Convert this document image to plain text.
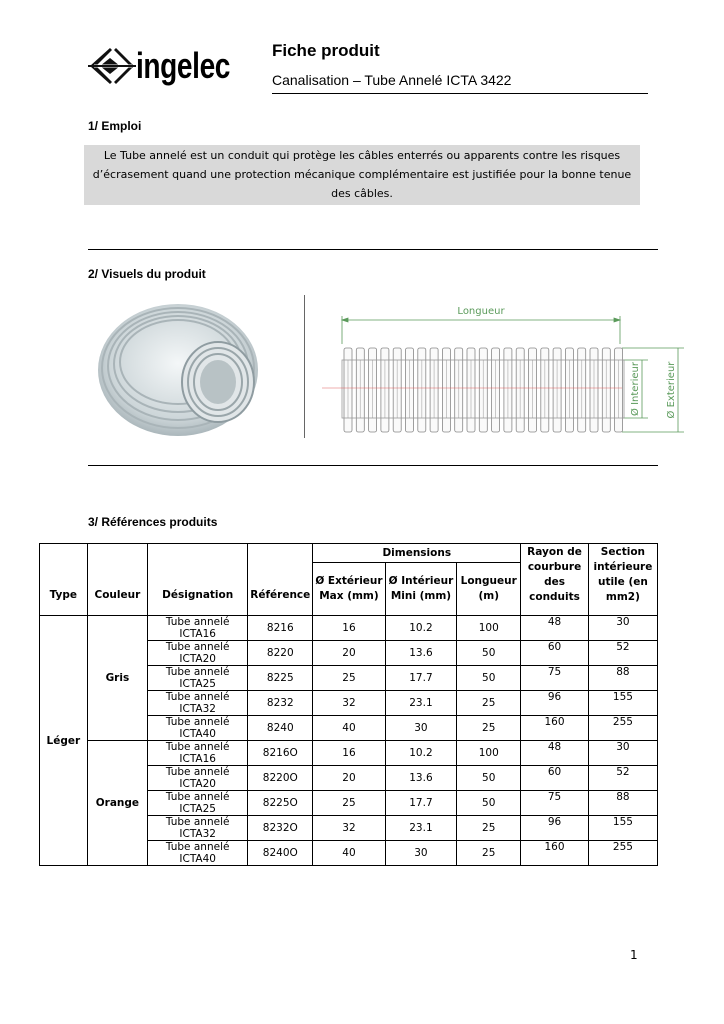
ingelec Fiche produit
Canalisation – Tube Annelé ICTA 3422
1/ Emploi
Le Tube annelé est un conduit qui protège les câbles enterrés ou apparents contre les risques
d’écrasement quand une protection mécanique complémentaire est justifiée pour la bonne tenue
des câbles.
2/ Visuels du produit
Longueur
Ø Interieur	Ø Exterieur
3/ Références produits
Type	Couleur	Désignation	Référence	Dimensions			Rayon de courbure des conduits	Section intérieure utile (en mm2)
				Ø Extérieur Max (mm)	Ø Intérieur Mini (mm)	Longueur (m)		
Léger	Gris	Tube annelé ICTA16	8216	16	10.2	100	48	30
		Tube annelé ICTA20	8220	20	13.6	50	60	52
		Tube annelé ICTA25	8225	25	17.7	50	75	88
		Tube annelé ICTA32	8232	32	23.1	25	96	155
		Tube annelé ICTA40	8240	40	30	25	160	255
	Orange	Tube annelé ICTA16	8216O	16	10.2	100	48	30
		Tube annelé ICTA20	8220O	20	13.6	50	60	52
		Tube annelé ICTA25	8225O	25	17.7	50	75	88
		Tube annelé ICTA32	8232O	32	23.1	25	96	155
		Tube annelé ICTA40	8240O	40	30	25	160	255
1
